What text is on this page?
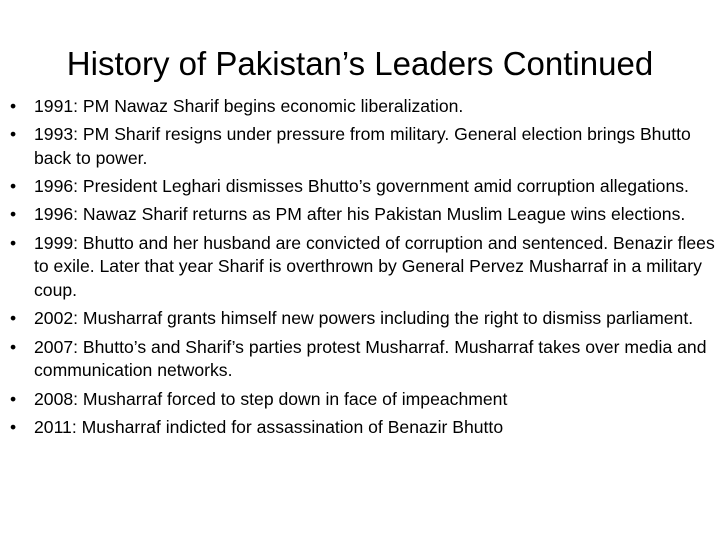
History of Pakistan’s Leaders Continued
• 1991: PM Nawaz Sharif begins economic liberalization.
• 1993: PM Sharif resigns under pressure from military. General election brings Bhutto back to power.
• 1996: President Leghari dismisses Bhutto’s government amid corruption allegations.
• 1996: Nawaz Sharif returns as PM after his Pakistan Muslim League wins elections.
• 1999: Bhutto and her husband are convicted of corruption and sentenced. Benazir flees to exile. Later that year Sharif is overthrown by General Pervez Musharraf in a military coup.
• 2002: Musharraf grants himself new powers including the right to dismiss parliament.
• 2007: Bhutto’s and Sharif’s parties protest Musharraf. Musharraf takes over media and communication networks.
• 2008: Musharraf forced to step down in face of impeachment
• 2011: Musharraf indicted for assassination of Benazir Bhutto
